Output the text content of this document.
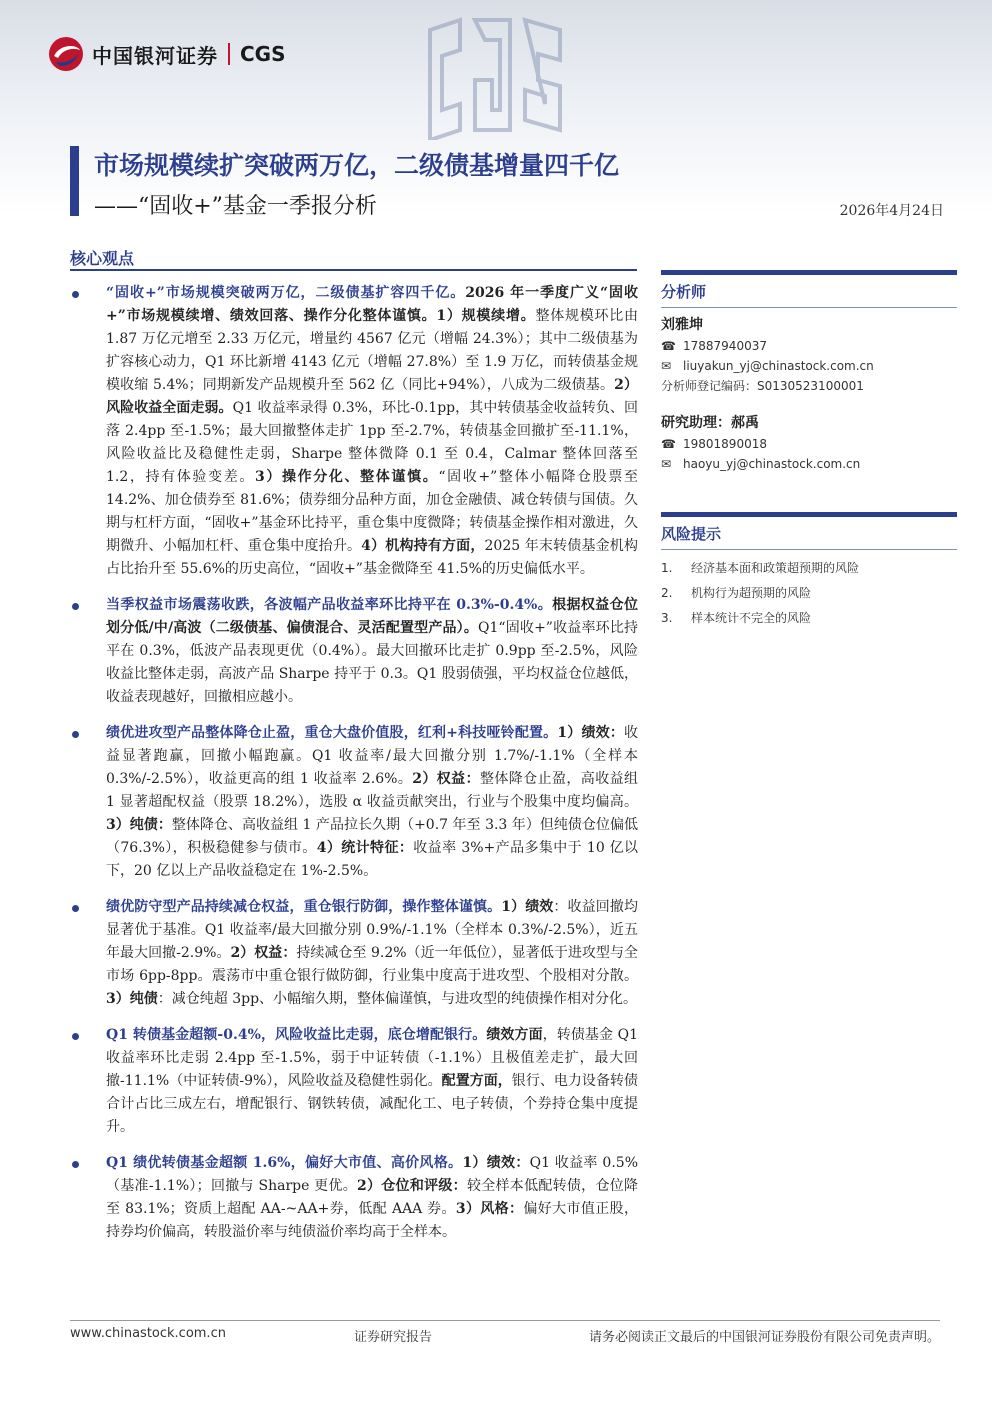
中国银河证券 CGS
市场规模续扩突破两万亿，二级债基增量四千亿
——“固收+”基金一季报分析	2026年4月24日
核心观点
“固收+”市场规模突破两万亿，二级债基扩容四千亿。2026 年一季度广义“固收+”市场规模续增、绩效回落、操作分化整体谨慎。1）规模续增。整体规模环比由 1.87 万亿元增至 2.33 万亿元，增量约 4567 亿元（增幅 24.3%）；其中二级债基为扩容核心动力，Q1 环比新增 4143 亿元（增幅 27.8%）至 1.9 万亿，而转债基金规模收缩 5.4%；同期新发产品规模升至 562 亿（同比+94%），八成为二级债基。2）风险收益全面走弱。Q1 收益率录得 0.3%，环比-0.1pp，其中转债基金收益转负、回落 2.4pp 至-1.5%；最大回撤整体走扩 1pp 至-2.7%，转债基金回撤扩至-11.1%，风险收益比及稳健性走弱，Sharpe 整体微降 0.1 至 0.4，Calmar 整体回落至 1.2，持有体验变差。3）操作分化、整体谨慎。“固收+”整体小幅降仓股票至 14.2%、加仓债券至 81.6%；债券细分品种方面，加仓金融债、减仓转债与国债。久期与杠杆方面，“固收+”基金环比持平，重仓集中度微降；转债基金操作相对激进，久期微升、小幅加杠杆、重仓集中度抬升。4）机构持有方面，2025 年末转债基金机构占比抬升至 55.6%的历史高位，“固收+”基金微降至 41.5%的历史偏低水平。
当季权益市场震荡收跌，各波幅产品收益率环比持平在 0.3%-0.4%。根据权益仓位划分低/中/高波（二级债基、偏债混合、灵活配置型产品）。Q1“固收+”收益率环比持平在 0.3%，低波产品表现更优（0.4%）。最大回撤环比走扩 0.9pp 至-2.5%，风险收益比整体走弱，高波产品 Sharpe 持平于 0.3。Q1 股弱债强，平均权益仓位越低，收益表现越好，回撤相应越小。
绩优进攻型产品整体降仓止盈，重仓大盘价值股，红利+科技哑铃配置。1）绩效：收益显著跑赢，回撤小幅跑赢。Q1 收益率/最大回撤分别 1.7%/-1.1%（全样本 0.3%/-2.5%），收益更高的组 1 收益率 2.6%。2）权益：整体降仓止盈，高收益组 1 显著超配权益（股票 18.2%），选股 α 收益贡献突出，行业与个股集中度均偏高。3）纯债：整体降仓、高收益组 1 产品拉长久期（+0.7 年至 3.3 年）但纯债仓位偏低（76.3%），积极稳健参与债市。4）统计特征：收益率 3%+产品多集中于 10 亿以下，20 亿以上产品收益稳定在 1%-2.5%。
绩优防守型产品持续减仓权益，重仓银行防御，操作整体谨慎。1）绩效：收益回撤均显著优于基准。Q1 收益率/最大回撤分别 0.9%/-1.1%（全样本 0.3%/-2.5%），近五年最大回撤-2.9%。2）权益：持续减仓至 9.2%（近一年低位），显著低于进攻型与全市场 6pp-8pp。震荡市中重仓银行做防御，行业集中度高于进攻型、个股相对分散。3）纯债：减仓纯超 3pp、小幅缩久期，整体偏谨慎，与进攻型的纯债操作相对分化。
Q1 转债基金超额-0.4%，风险收益比走弱，底仓增配银行。绩效方面，转债基金 Q1 收益率环比走弱 2.4pp 至-1.5%，弱于中证转债（-1.1%）且极值差走扩，最大回撤-11.1%（中证转债-9%），风险收益及稳健性弱化。配置方面，银行、电力设备转债合计占比三成左右，增配银行、钢铁转债，减配化工、电子转债，个券持仓集中度提升。
Q1 绩优转债基金超额 1.6%，偏好大市值、高价风格。1）绩效：Q1 收益率 0.5%（基准-1.1%）；回撤与 Sharpe 更优。2）仓位和评级：较全样本低配转债，仓位降至 83.1%；资质上超配 AA-~AA+券，低配 AAA 券。3）风格：偏好大市值正股，持券均价偏高，转股溢价率与纯债溢价率均高于全样本。
分析师
刘雅坤
☎ 17887940037
✉ liuyakun_yj@chinastock.com.cn
分析师登记编码：S0130523100001
研究助理：郝禹
☎ 19801890018
✉ haoyu_yj@chinastock.com.cn
风险提示
1.	经济基本面和政策超预期的风险
2.	机构行为超预期的风险
3.	样本统计不完全的风险
www.chinastock.com.cn	证券研究报告	请务必阅读正文最后的中国银河证券股份有限公司免责声明。
